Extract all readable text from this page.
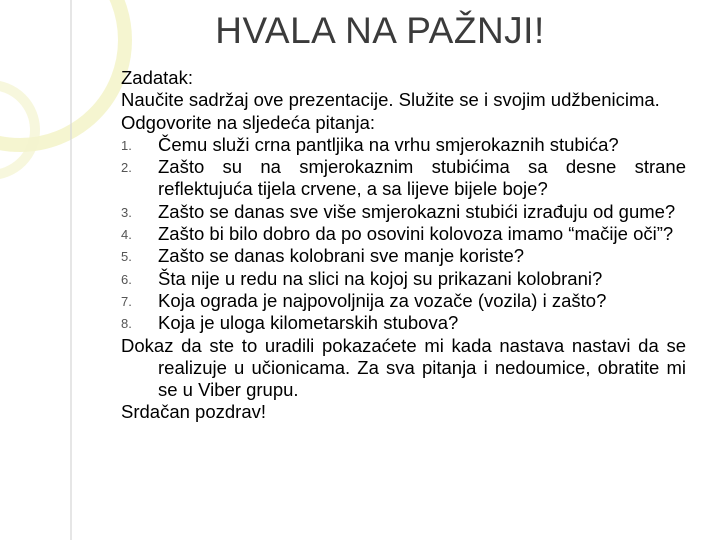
HVALA NA PAŽNJI!
Zadatak:
Naučite sadržaj ove prezentacije. Služite se i svojim udžbenicima.
Odgovorite na sljedeća pitanja:
1. Čemu služi crna pantljika na vrhu smjerokaznih stubića?
2. Zašto su na smjerokaznim stubićima sa desne strane reflektujuća tijela crvene, a sa lijeve bijele boje?
3. Zašto se danas sve više smjerokazni stubići izrađuju od gume?
4. Zašto bi bilo dobro da po osovini kolovoza imamo “mačije oči”?
5. Zašto se danas kolobrani sve manje koriste?
6. Šta nije u redu na slici na kojoj su prikazani kolobrani?
7. Koja ograda je najpovoljnija za vozače (vozila) i zašto?
8. Koja je uloga kilometarskih stubova?
Dokaz da ste to uradili pokazaćete mi kada nastava nastavi da se realizuje u učionicama. Za sva pitanja i nedoumice, obratite mi se u Viber grupu.
Srdačan pozdrav!
